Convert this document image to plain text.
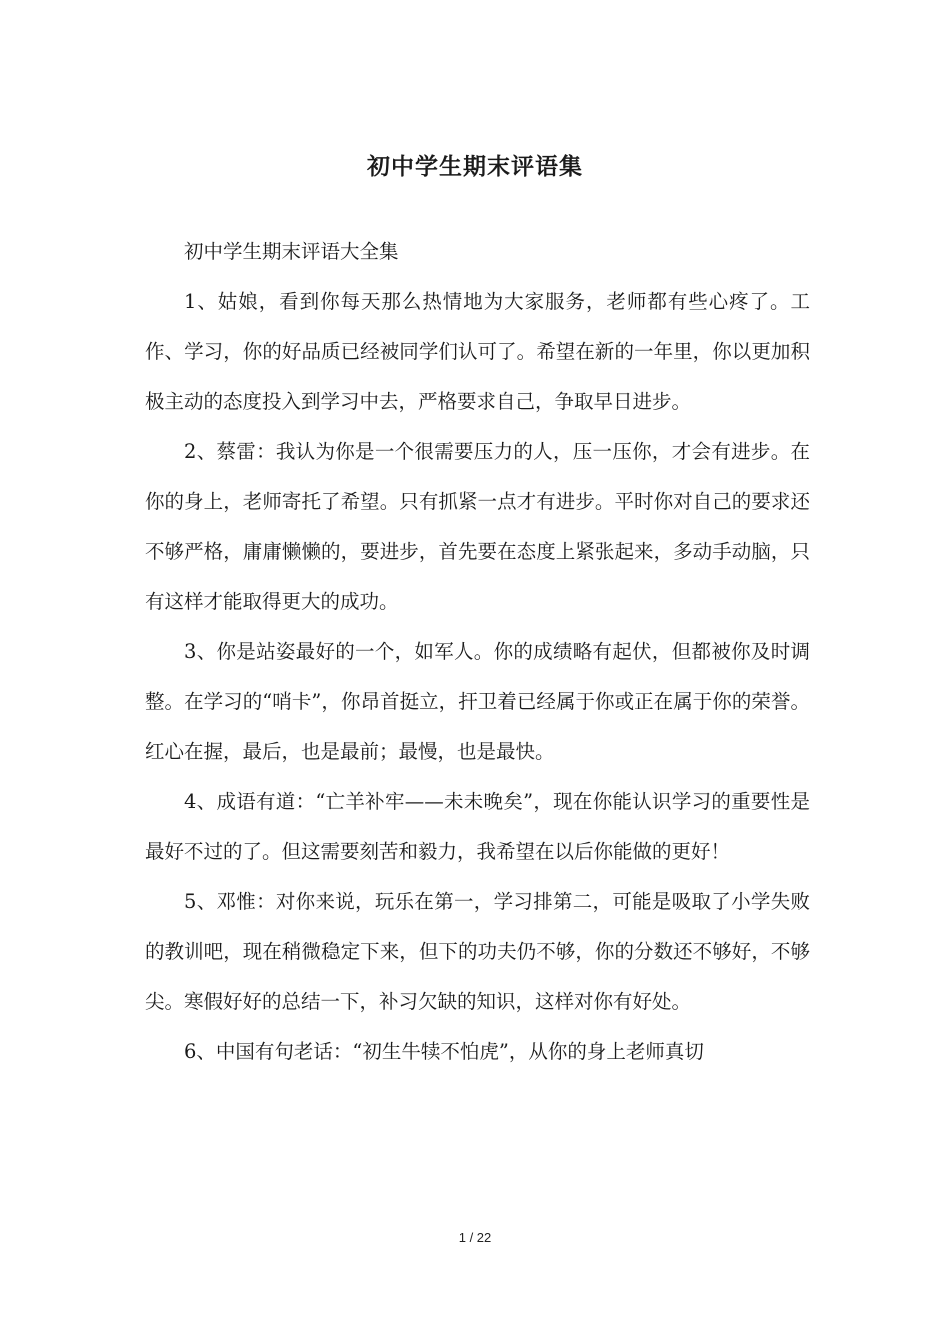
初中学生期末评语集

初中学生期末评语大全集

1、姑娘，看到你每天那么热情地为大家服务，老师都有些心疼了。工作、学习，你的好品质已经被同学们认可了。希望在新的一年里，你以更加积极主动的态度投入到学习中去，严格要求自己，争取早日进步。

2、蔡雷：我认为你是一个很需要压力的人，压一压你，才会有进步。在你的身上，老师寄托了希望。只有抓紧一点才有进步。平时你对自己的要求还不够严格，庸庸懒懒的，要进步，首先要在态度上紧张起来，多动手动脑，只有这样才能取得更大的成功。

3、你是站姿最好的一个，如军人。你的成绩略有起伏，但都被你及时调整。在学习的“哨卡”，你昂首挺立，扞卫着已经属于你或正在属于你的荣誉。红心在握，最后，也是最前；最慢，也是最快。

4、成语有道：“亡羊补牢——未未晚矣”，现在你能认识学习的重要性是最好不过的了。但这需要刻苦和毅力，我希望在以后你能做的更好！

5、邓惟：对你来说，玩乐在第一，学习排第二，可能是吸取了小学失败的教训吧，现在稍微稳定下来，但下的功夫仍不够，你的分数还不够好，不够尖。寒假好好的总结一下，补习欠缺的知识，这样对你有好处。

6、中国有句老话：“初生牛犊不怕虎”，从你的身上老师真切

1 / 22
